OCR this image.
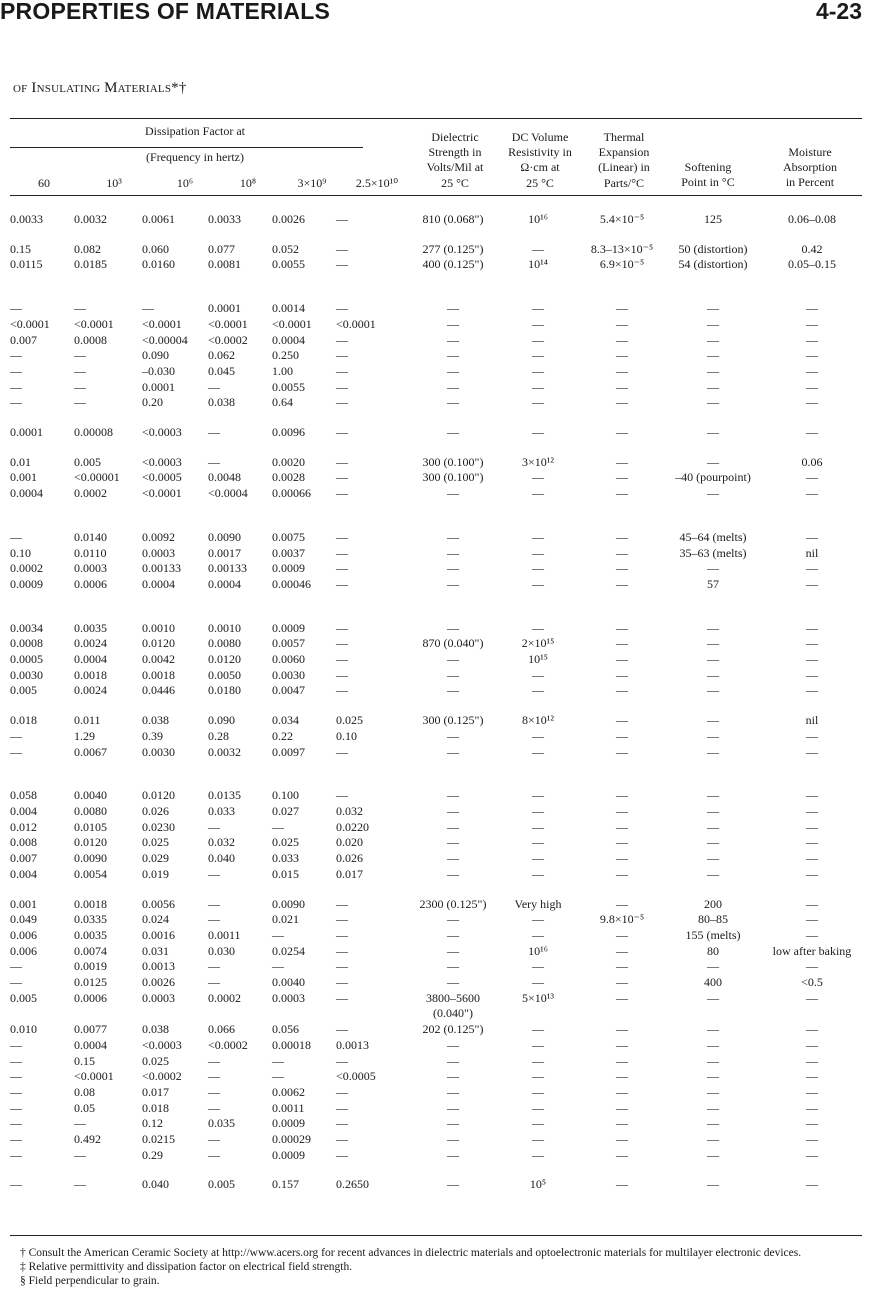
PROPERTIES OF MATERIALS	4-23
of Insulating Materials*†
Dissipation Factor at
(Frequency in hertz)
60	10³	10⁶	10⁸	3×10⁹	2.5×10¹⁰
Dielectric
Strength in
Volts/Mil at
25 °C
DC Volume
Resistivity in
Ω·cm at
25 °C
Thermal
Expansion
(Linear) in
Parts/°C
Softening
Point in °C
Moisture
Absorption
in Percent
0.0033	0.0032	0.0061	0.0033	0.0026	—	810 (0.068")	10¹⁶	5.4×10⁻⁵	125	0.06–0.08

0.15	0.082	0.060	0.077	0.052	—	277 (0.125")	—	8.3–13×10⁻⁵	50 (distortion)	0.42
0.0115	0.0185	0.0160	0.0081	0.0055	—	400 (0.125")	10¹⁴	6.9×10⁻⁵	54 (distortion)	0.05–0.15

—	—	—	0.0001	0.0014	—	—	—	—	—	—
<0.0001	<0.0001	<0.0001	<0.0001	<0.0001	<0.0001	—	—	—	—	—
0.007	0.0008	<0.00004	<0.0002	0.0004	—	—	—	—	—	—
—	—	0.090	0.062	0.250	—	—	—	—	—	—
—	—	–0.030	0.045	1.00	—	—	—	—	—	—
—	—	0.0001	—	0.0055	—	—	—	—	—	—
—	—	0.20	0.038	0.64	—	—	—	—	—	—

0.0001	0.00008	<0.0003	—	0.0096	—	—	—	—	—	—

0.01	0.005	<0.0003	—	0.0020	—	300 (0.100")	3×10¹²	—	—	0.06
0.001	<0.00001	<0.0005	0.0048	0.0028	—	300 (0.100")	—	—	–40 (pourpoint)	—
0.0004	0.0002	<0.0001	<0.0004	0.00066	—	—	—	—	—	—

—	0.0140	0.0092	0.0090	0.0075	—	—	—	—	45–64 (melts)	—
0.10	0.0110	0.0003	0.0017	0.0037	—	—	—	—	35–63 (melts)	nil
0.0002	0.0003	0.00133	0.00133	0.0009	—	—	—	—	—	—
0.0009	0.0006	0.0004	0.0004	0.00046	—	—	—	—	57	—

0.0034	0.0035	0.0010	0.0010	0.0009	—	—	—	—	—	—
0.0008	0.0024	0.0120	0.0080	0.0057	—	870 (0.040")	2×10¹⁵	—	—	—
0.0005	0.0004	0.0042	0.0120	0.0060	—	—	10¹⁵	—	—	—
0.0030	0.0018	0.0018	0.0050	0.0030	—	—	—	—	—	—
0.005	0.0024	0.0446	0.0180	0.0047	—	—	—	—	—	—

0.018	0.011	0.038	0.090	0.034	0.025	300 (0.125")	8×10¹²	—	—	nil
—	1.29	0.39	0.28	0.22	0.10	—	—	—	—	—
—	0.0067	0.0030	0.0032	0.0097	—	—	—	—	—	—

0.058	0.0040	0.0120	0.0135	0.100	—	—	—	—	—	—
0.004	0.0080	0.026	0.033	0.027	0.032	—	—	—	—	—
0.012	0.0105	0.0230	—	—	0.0220	—	—	—	—	—
0.008	0.0120	0.025	0.032	0.025	0.020	—	—	—	—	—
0.007	0.0090	0.029	0.040	0.033	0.026	—	—	—	—	—
0.004	0.0054	0.019	—	0.015	0.017	—	—	—	—	—

0.001	0.0018	0.0056	—	0.0090	—	2300 (0.125")	Very high	—	200	—
0.049	0.0335	0.024	—	0.021	—	—	—	9.8×10⁻⁵	80–85	—
0.006	0.0035	0.0016	0.0011	—	—	—	—	—	155 (melts)	—
0.006	0.0074	0.031	0.030	0.0254	—	—	10¹⁶	—	80	low after baking
—	0.0019	0.0013	—	—	—	—	—	—	—	—
—	0.0125	0.0026	—	0.0040	—	—	—	—	400	<0.5
0.005	0.0006	0.0003	0.0002	0.0003	—	3800–5600	5×10¹³	—	—	—
						(0.040")				
0.010	0.0077	0.038	0.066	0.056	—	202 (0.125")	—	—	—	—
—	0.0004	<0.0003	<0.0002	0.00018	0.0013	—	—	—	—	—
—	0.15	0.025	—	—	—	—	—	—	—	—
—	<0.0001	<0.0002	—	—	<0.0005	—	—	—	—	—
—	0.08	0.017	—	0.0062	—	—	—	—	—	—
—	0.05	0.018	—	0.0011	—	—	—	—	—	—
—	—	0.12	0.035	0.0009	—	—	—	—	—	—
—	0.492	0.0215	—	0.00029	—	—	—	—	—	—
—	—	0.29	—	0.0009	—	—	—	—	—	—

—	—	0.040	0.005	0.157	0.2650	—	10⁵	—	—	—
† Consult the American Ceramic Society at http://www.acers.org for recent advances in dielectric materials and optoelectronic materials for multilayer electronic devices.
‡ Relative permittivity and dissipation factor on electrical field strength.
§ Field perpendicular to grain.
